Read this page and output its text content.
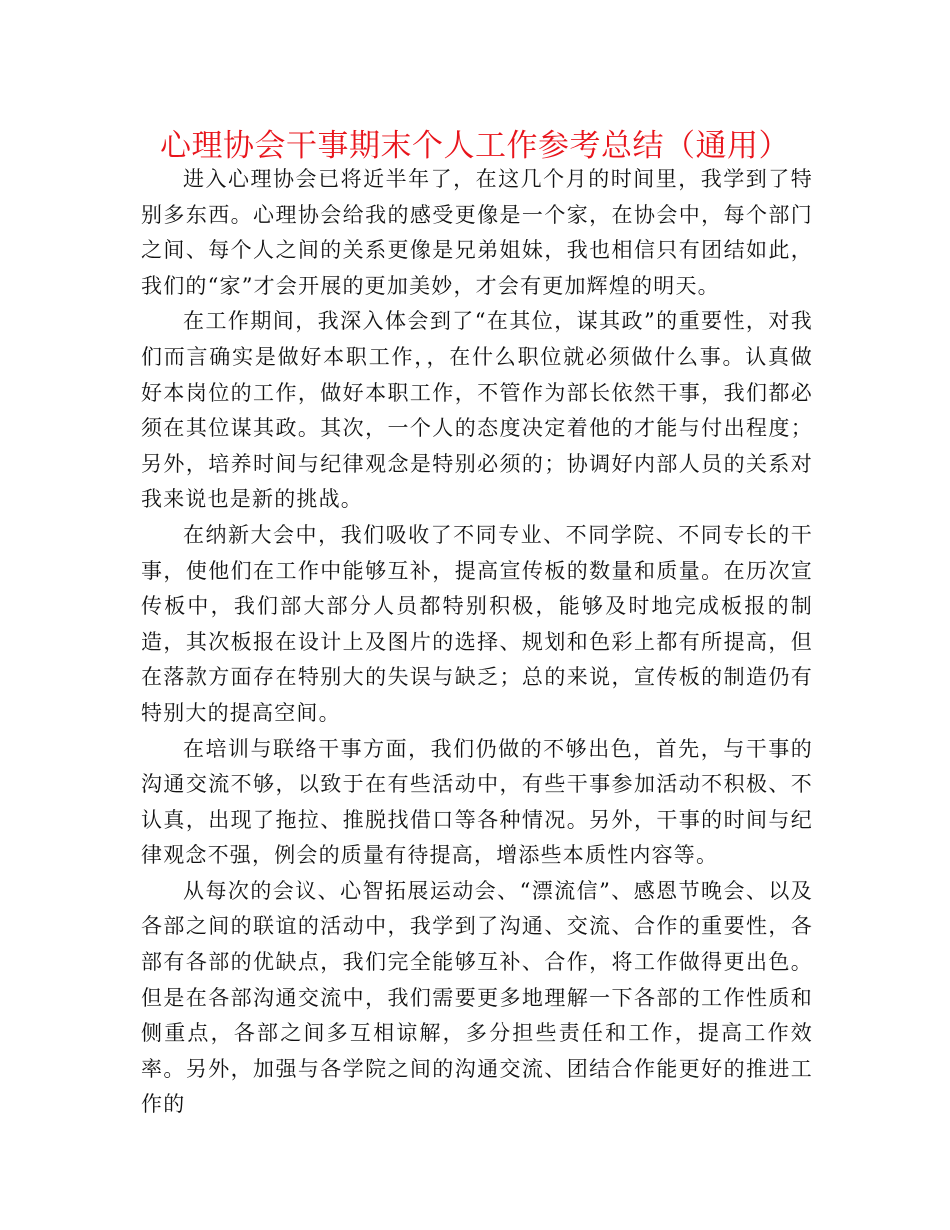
心理协会干事期末个人工作参考总结（通用）

进入心理协会已将近半年了，在这几个月的时间里，我学到了特别多东西。心理协会给我的感受更像是一个家，在协会中，每个部门之间、每个人之间的关系更像是兄弟姐妹，我也相信只有团结如此，我们的“家”才会开展的更加美妙，才会有更加辉煌的明天。

在工作期间，我深入体会到了“在其位，谋其政”的重要性，对我们而言确实是做好本职工作，，在什么职位就必须做什么事。认真做好本岗位的工作，做好本职工作，不管作为部长依然干事，我们都必须在其位谋其政。其次，一个人的态度决定着他的才能与付出程度；另外，培养时间与纪律观念是特别必须的；协调好内部人员的关系对我来说也是新的挑战。

在纳新大会中，我们吸收了不同专业、不同学院、不同专长的干事，使他们在工作中能够互补，提高宣传板的数量和质量。在历次宣传板中，我们部大部分人员都特别积极，能够及时地完成板报的制造，其次板报在设计上及图片的选择、规划和色彩上都有所提高，但在落款方面存在特别大的失误与缺乏；总的来说，宣传板的制造仍有特别大的提高空间。

在培训与联络干事方面，我们仍做的不够出色，首先，与干事的沟通交流不够，以致于在有些活动中，有些干事参加活动不积极、不认真，出现了拖拉、推脱找借口等各种情况。另外，干事的时间与纪律观念不强，例会的质量有待提高，增添些本质性内容等。

从每次的会议、心智拓展运动会、“漂流信”、感恩节晚会、以及各部之间的联谊的活动中，我学到了沟通、交流、合作的重要性，各部有各部的优缺点，我们完全能够互补、合作，将工作做得更出色。但是在各部沟通交流中，我们需要更多地理解一下各部的工作性质和侧重点，各部之间多互相谅解，多分担些责任和工作，提高工作效率。另外，加强与各学院之间的沟通交流、团结合作能更好的推进工作的
